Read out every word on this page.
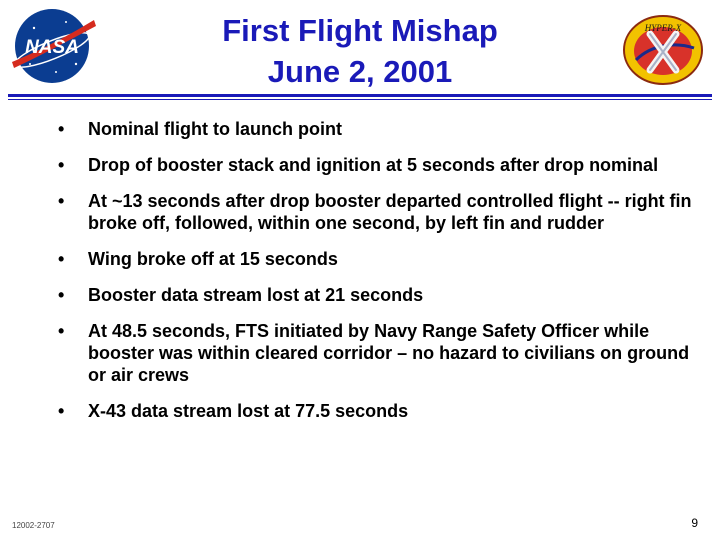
NASA
HYPER-X
First Flight Mishap
June 2, 2001
• Nominal flight to launch point
• Drop of booster stack and ignition at 5 seconds after drop nominal
• At ~13 seconds after drop booster departed controlled flight -- right fin broke off, followed, within one second, by left fin and rudder
• Wing broke off at 15 seconds
• Booster data stream lost at 21 seconds
• At 48.5 seconds, FTS initiated by Navy Range Safety Officer while booster was within cleared corridor – no hazard to civilians on ground or air crews
• X-43 data stream lost at 77.5 seconds
12002-2707	9
